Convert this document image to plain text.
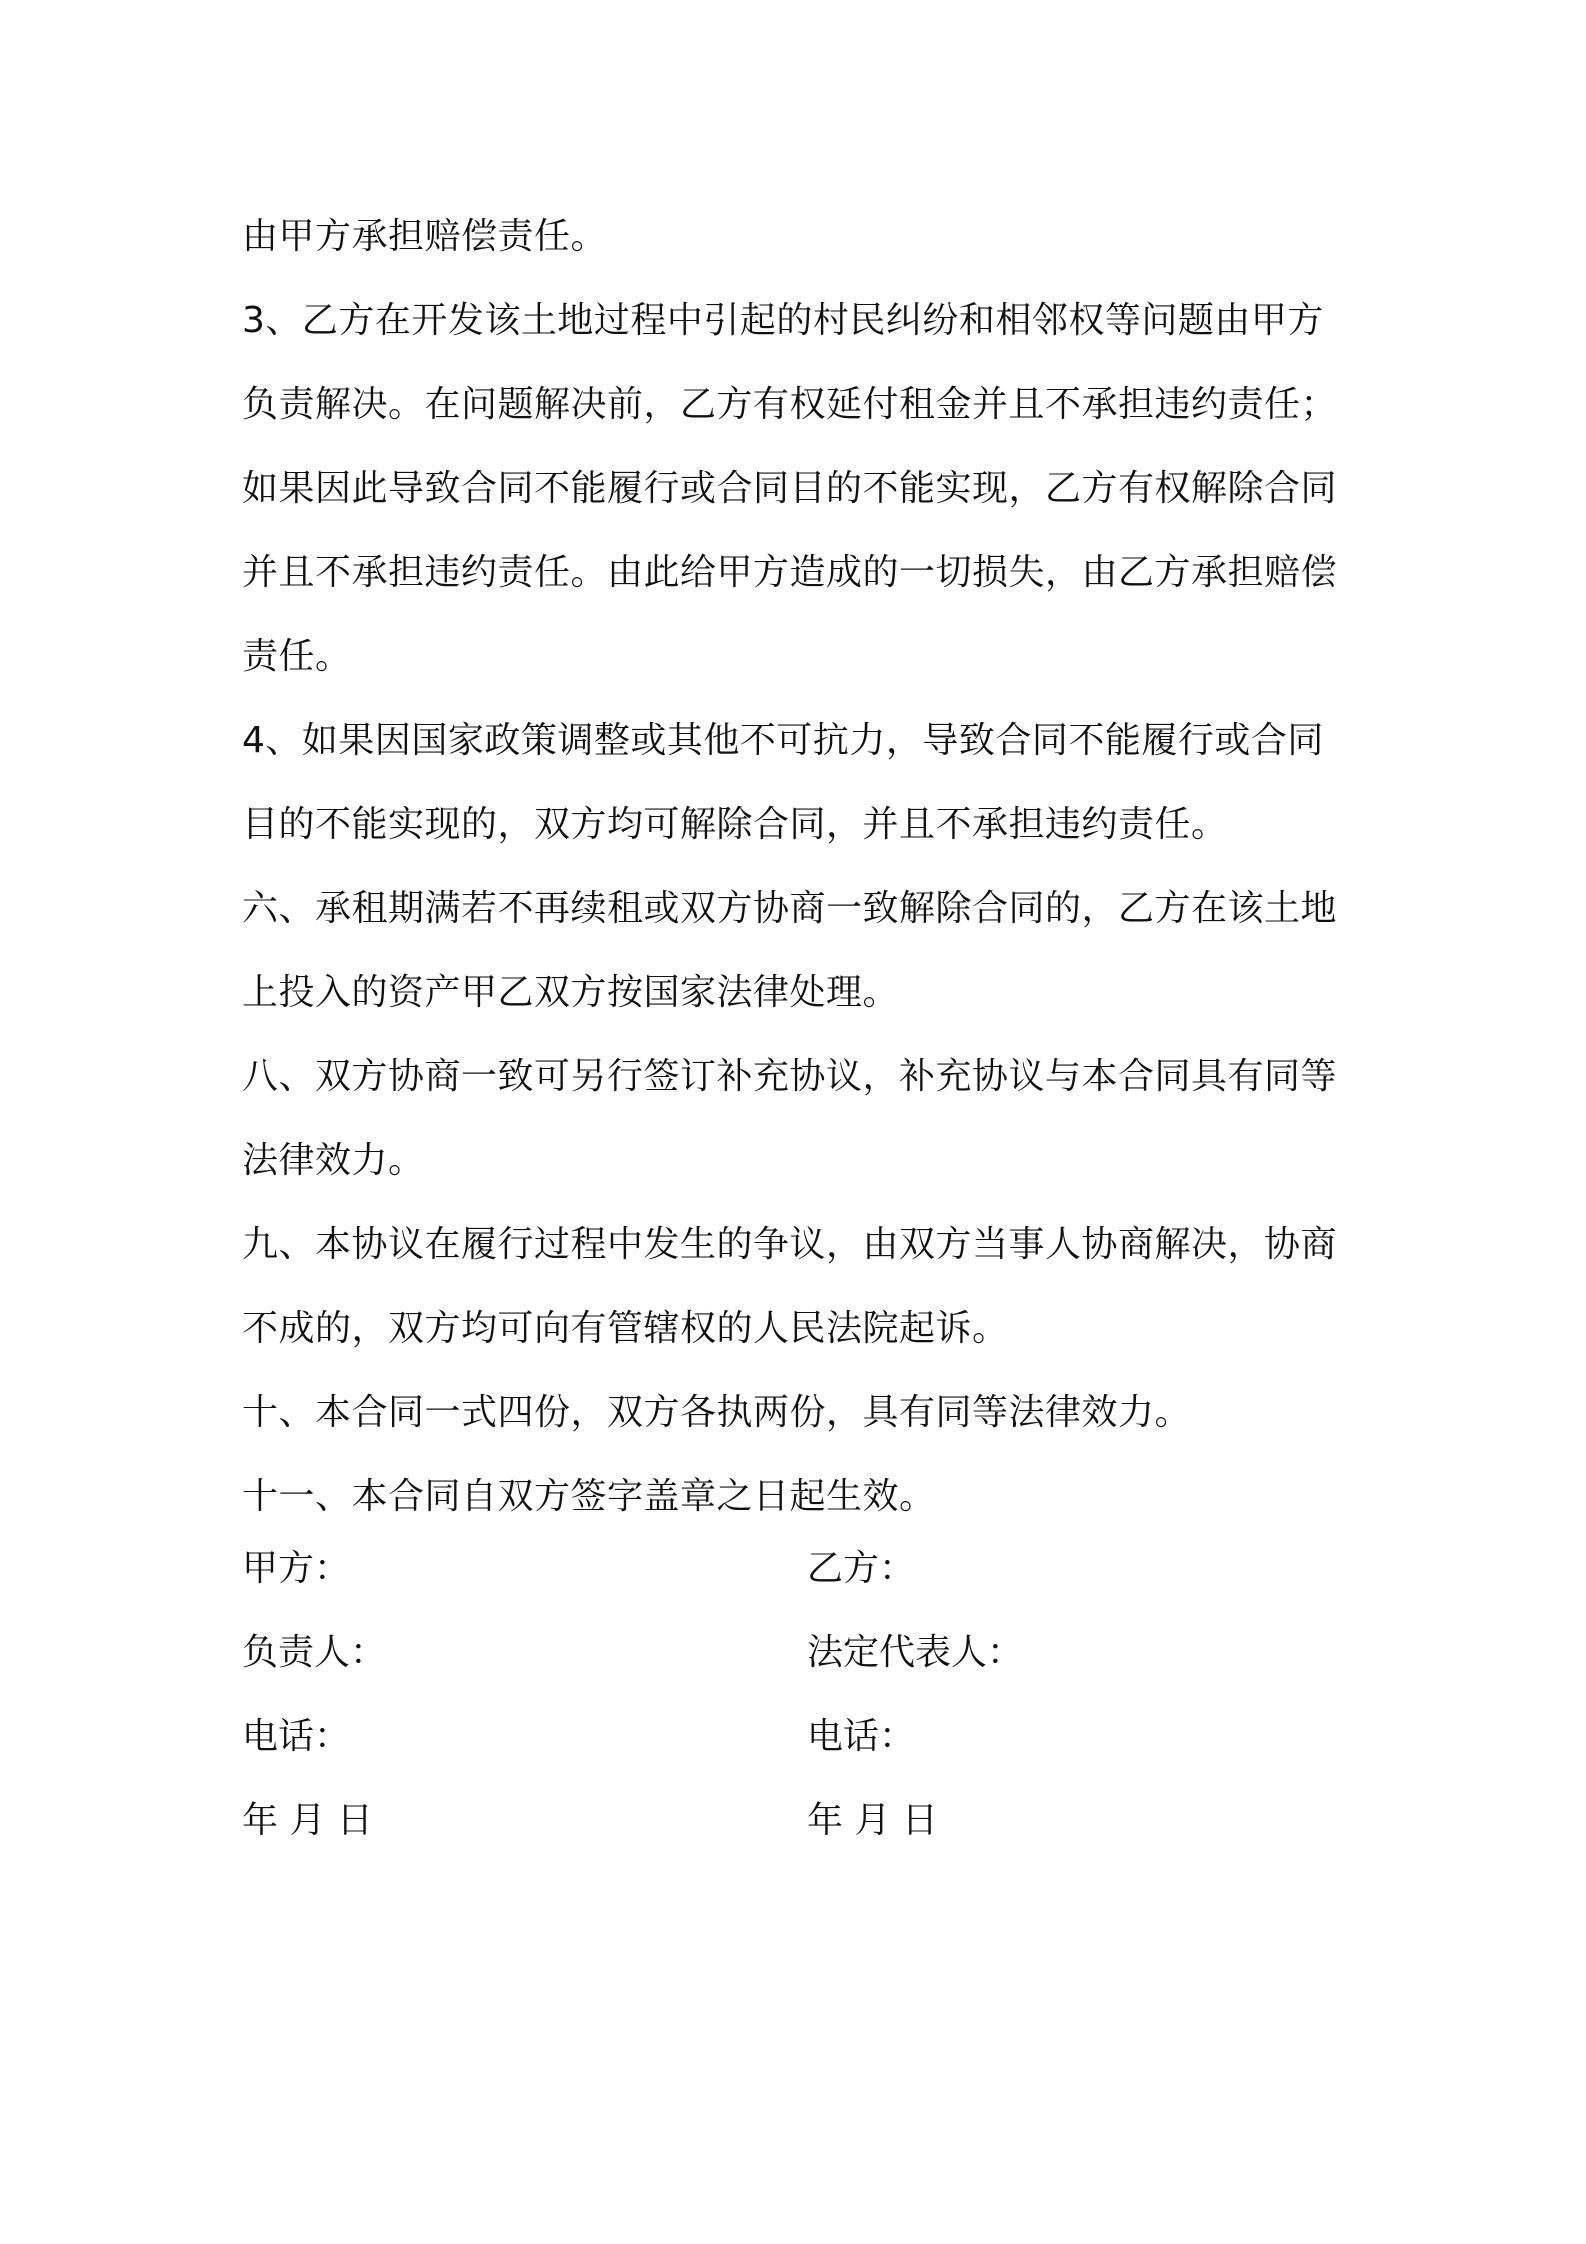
由甲方承担赔偿责任。
3、乙方在开发该土地过程中引起的村民纠纷和相邻权等问题由甲方
负责解决。在问题解决前，乙方有权延付租金并且不承担违约责任；
如果因此导致合同不能履行或合同目的不能实现，乙方有权解除合同
并且不承担违约责任。由此给甲方造成的一切损失，由乙方承担赔偿
责任。
4、如果因国家政策调整或其他不可抗力，导致合同不能履行或合同
目的不能实现的，双方均可解除合同，并且不承担违约责任。
六、承租期满若不再续租或双方协商一致解除合同的，乙方在该土地
上投入的资产甲乙双方按国家法律处理。
八、双方协商一致可另行签订补充协议，补充协议与本合同具有同等
法律效力。
九、本协议在履行过程中发生的争议，由双方当事人协商解决，协商
不成的，双方均可向有管辖权的人民法院起诉。
十、本合同一式四份，双方各执两份，具有同等法律效力。
十一、本合同自双方签字盖章之日起生效。
甲方：	乙方：
负责人：	法定代表人：
电话：	电话：
年 月 日	年 月 日
